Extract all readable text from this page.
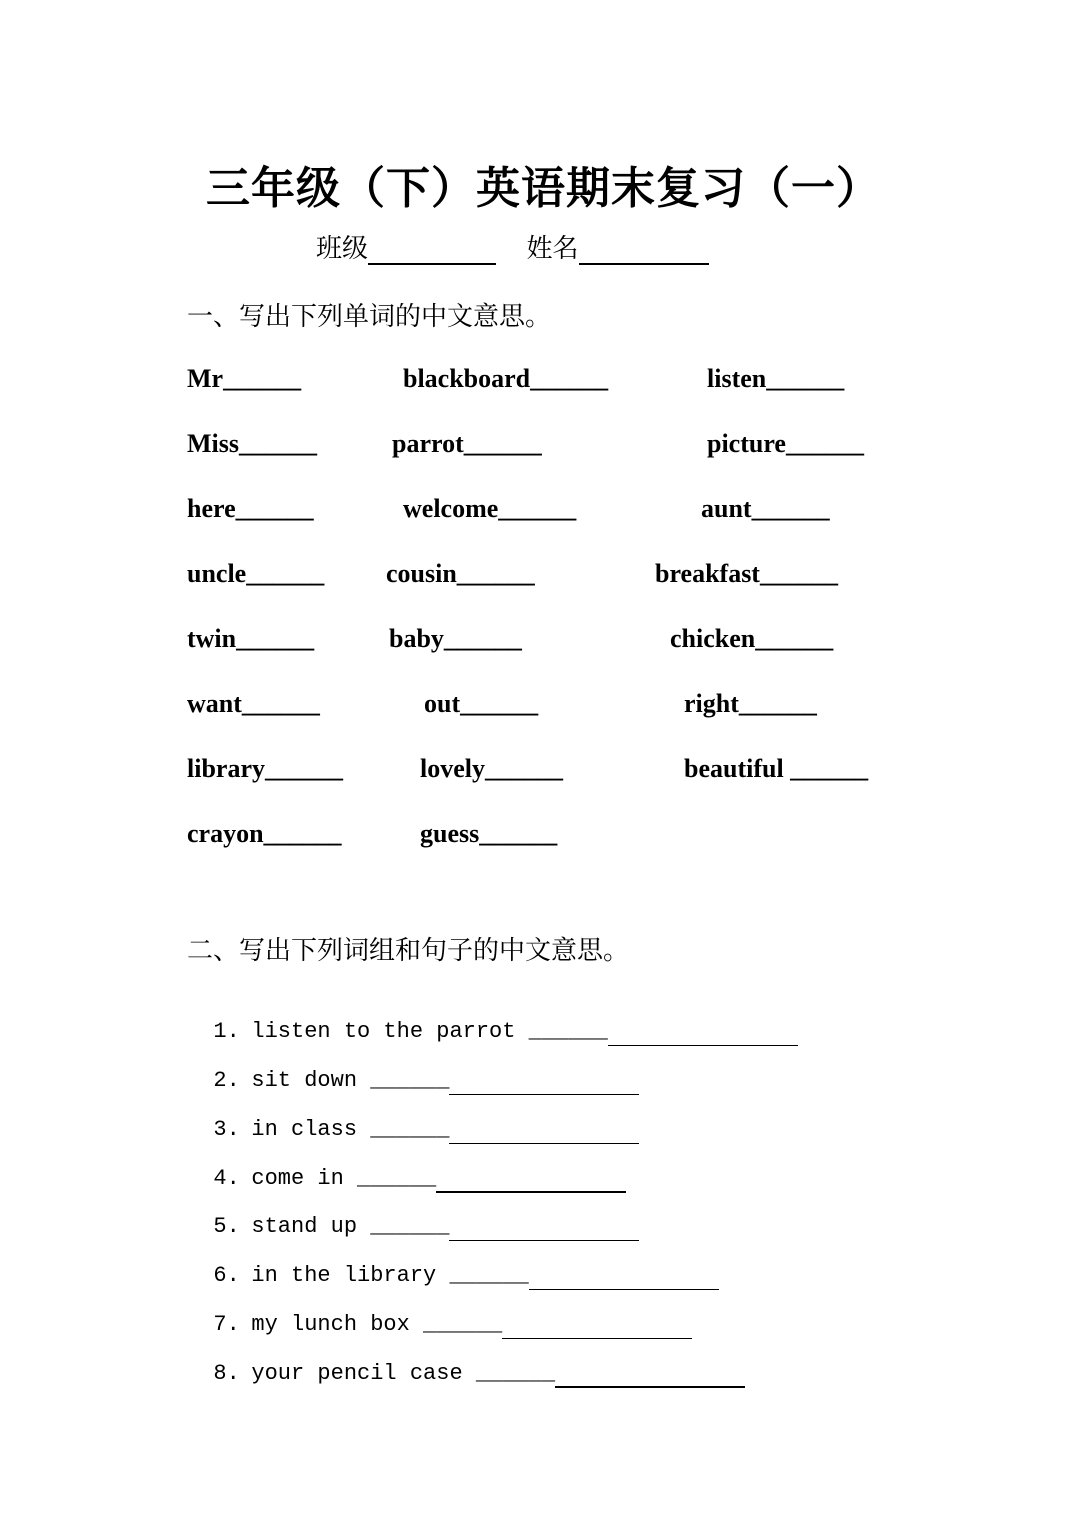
三年级（下）英语期末复习（一）
班级	姓名
一、写出下列单词的中文意思。
Mr______	blackboard______	listen______
Miss______	parrot______	picture______
here______	welcome______	aunt______
uncle______ cousin______	breakfast______
twin______	baby______	chicken______
want______	out______	right______
library______	lovely______	beautiful ______
crayon______	guess______
二、写出下列词组和句子的中文意思。

1. listen to the parrot ______

2. sit down ______

3. in class ______

4. come in ______

5. stand up ______

6. in the library ______

7. my lunch box ______

8. your pencil case ______
